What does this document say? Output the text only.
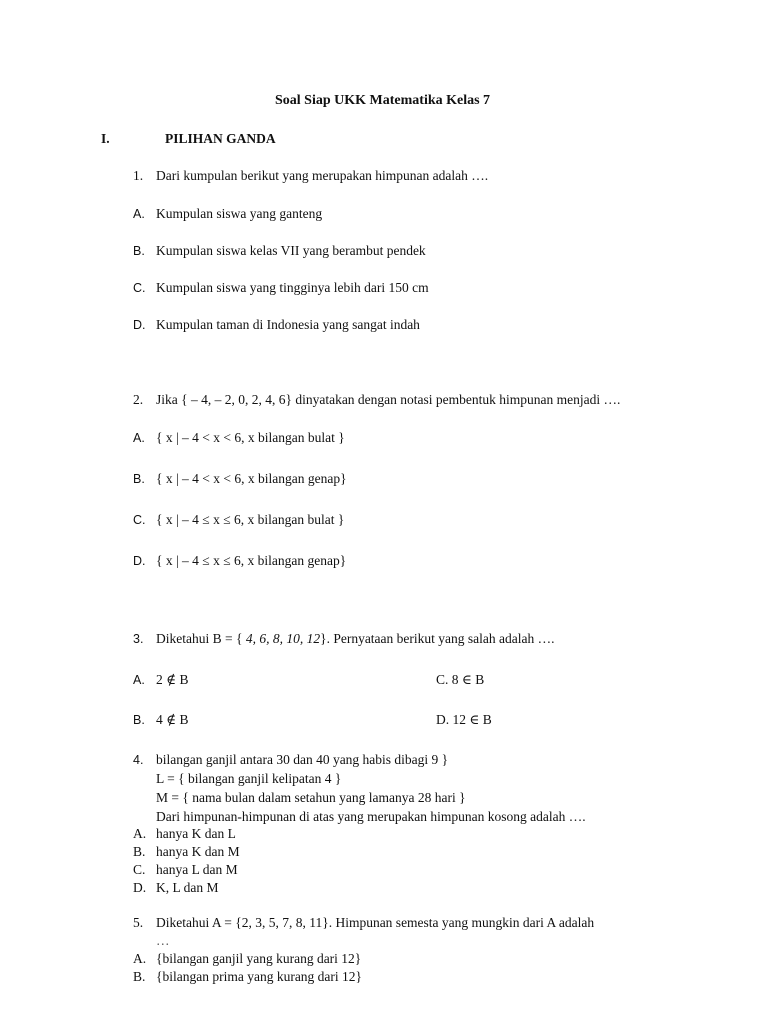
Soal Siap UKK Matematika Kelas 7
I.	PILIHAN GANDA
1. Dari kumpulan berikut yang merupakan himpunan adalah ….
A. Kumpulan siswa yang ganteng
B. Kumpulan siswa kelas VII yang berambut pendek
C. Kumpulan siswa yang tingginya lebih dari 150 cm
D. Kumpulan taman di Indonesia yang sangat indah
2. Jika { – 4, – 2, 0, 2, 4, 6} dinyatakan dengan notasi pembentuk himpunan menjadi ….
A. { x | – 4 < x < 6, x bilangan bulat }
B. { x | – 4 < x < 6, x bilangan genap}
C. { x | – 4 ≤ x ≤ 6, x bilangan bulat }
D. { x | – 4 ≤ x ≤ 6, x bilangan genap}
3. Diketahui B = { 4, 6, 8, 10, 12}. Pernyataan berikut yang salah adalah ….
A. 2 ∉ B	C. 8 ∈ B
B. 4 ∉ B	D. 12 ∈ B
4. bilangan ganjil antara 30 dan 40 yang habis dibagi 9 }
L = { bilangan ganjil kelipatan 4 }
M = { nama bulan dalam setahun yang lamanya 28 hari }
Dari himpunan-himpunan di atas yang merupakan himpunan kosong adalah ….
A. hanya K dan L
B. hanya K dan M
C. hanya L dan M
D. K, L dan M
5. Diketahui A = {2, 3, 5, 7, 8, 11}. Himpunan semesta yang mungkin dari A adalah
…
A. {bilangan ganjil yang kurang dari 12}
B. {bilangan prima yang kurang dari 12}
